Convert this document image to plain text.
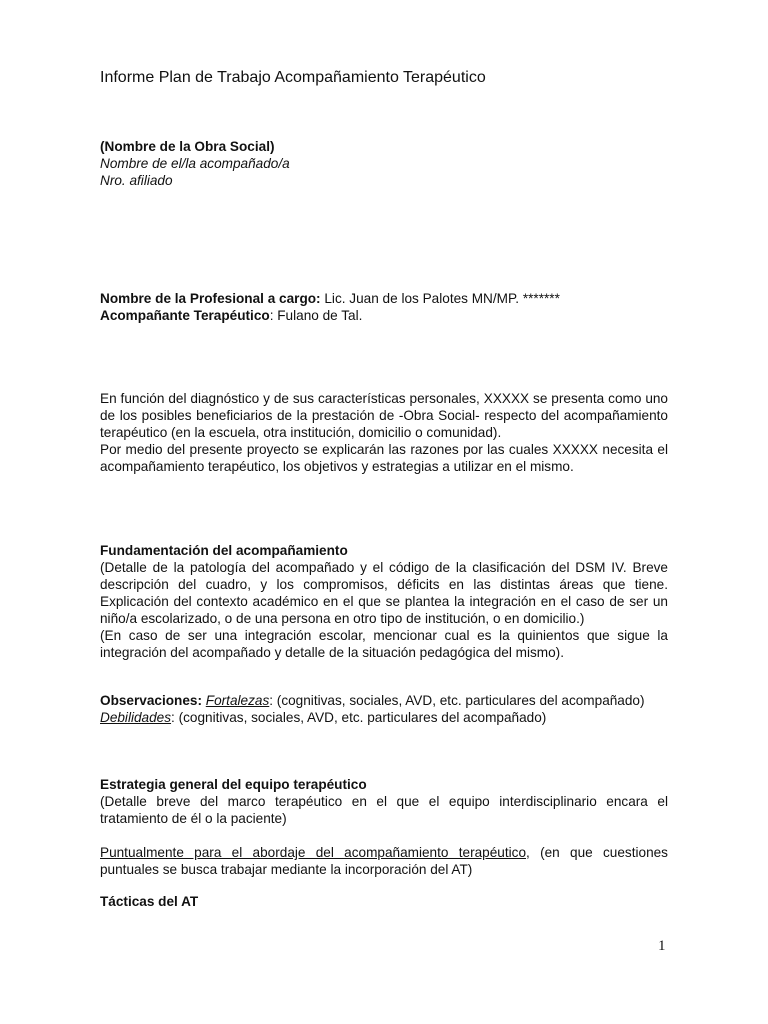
Informe Plan de Trabajo Acompañamiento Terapéutico
(Nombre de la Obra Social)
Nombre de el/la acompañado/a
Nro. afiliado
Nombre de la Profesional a cargo: Lic. Juan de los Palotes MN/MP. *******
Acompañante Terapéutico: Fulano de Tal.

En función del diagnóstico y de sus características personales, XXXXX se presenta como uno de los posibles beneficiarios de la prestación de -Obra Social- respecto del acompañamiento terapéutico (en la escuela, otra institución, domicilio o comunidad).

Por medio del presente proyecto se explicarán las razones por las cuales XXXXX necesita el acompañamiento terapéutico, los objetivos y estrategias a utilizar en el mismo.

Fundamentación del acompañamiento

(Detalle de la patología del acompañado y el código de la clasificación del DSM IV. Breve descripción del cuadro, y los compromisos, déficits en las distintas áreas que tiene. Explicación del contexto académico en el que se plantea la integración en el caso de ser un niño/a escolarizado, o de una persona en otro tipo de institución, o en domicilio.)

(En caso de ser una integración escolar, mencionar cual es la quinientos que sigue la integración del acompañado y detalle de la situación pedagógica del mismo).

Observaciones: Fortalezas: (cognitivas, sociales, AVD, etc. particulares del acompañado)

Debilidades: (cognitivas, sociales, AVD, etc. particulares del acompañado)

Estrategia general del equipo terapéutico

(Detalle breve del marco terapéutico en el que el equipo interdisciplinario encara el tratamiento de él o la paciente)

Puntualmente para el abordaje del acompañamiento terapéutico, (en que cuestiones puntuales se busca trabajar mediante la incorporación del AT)

Tácticas del AT
1
